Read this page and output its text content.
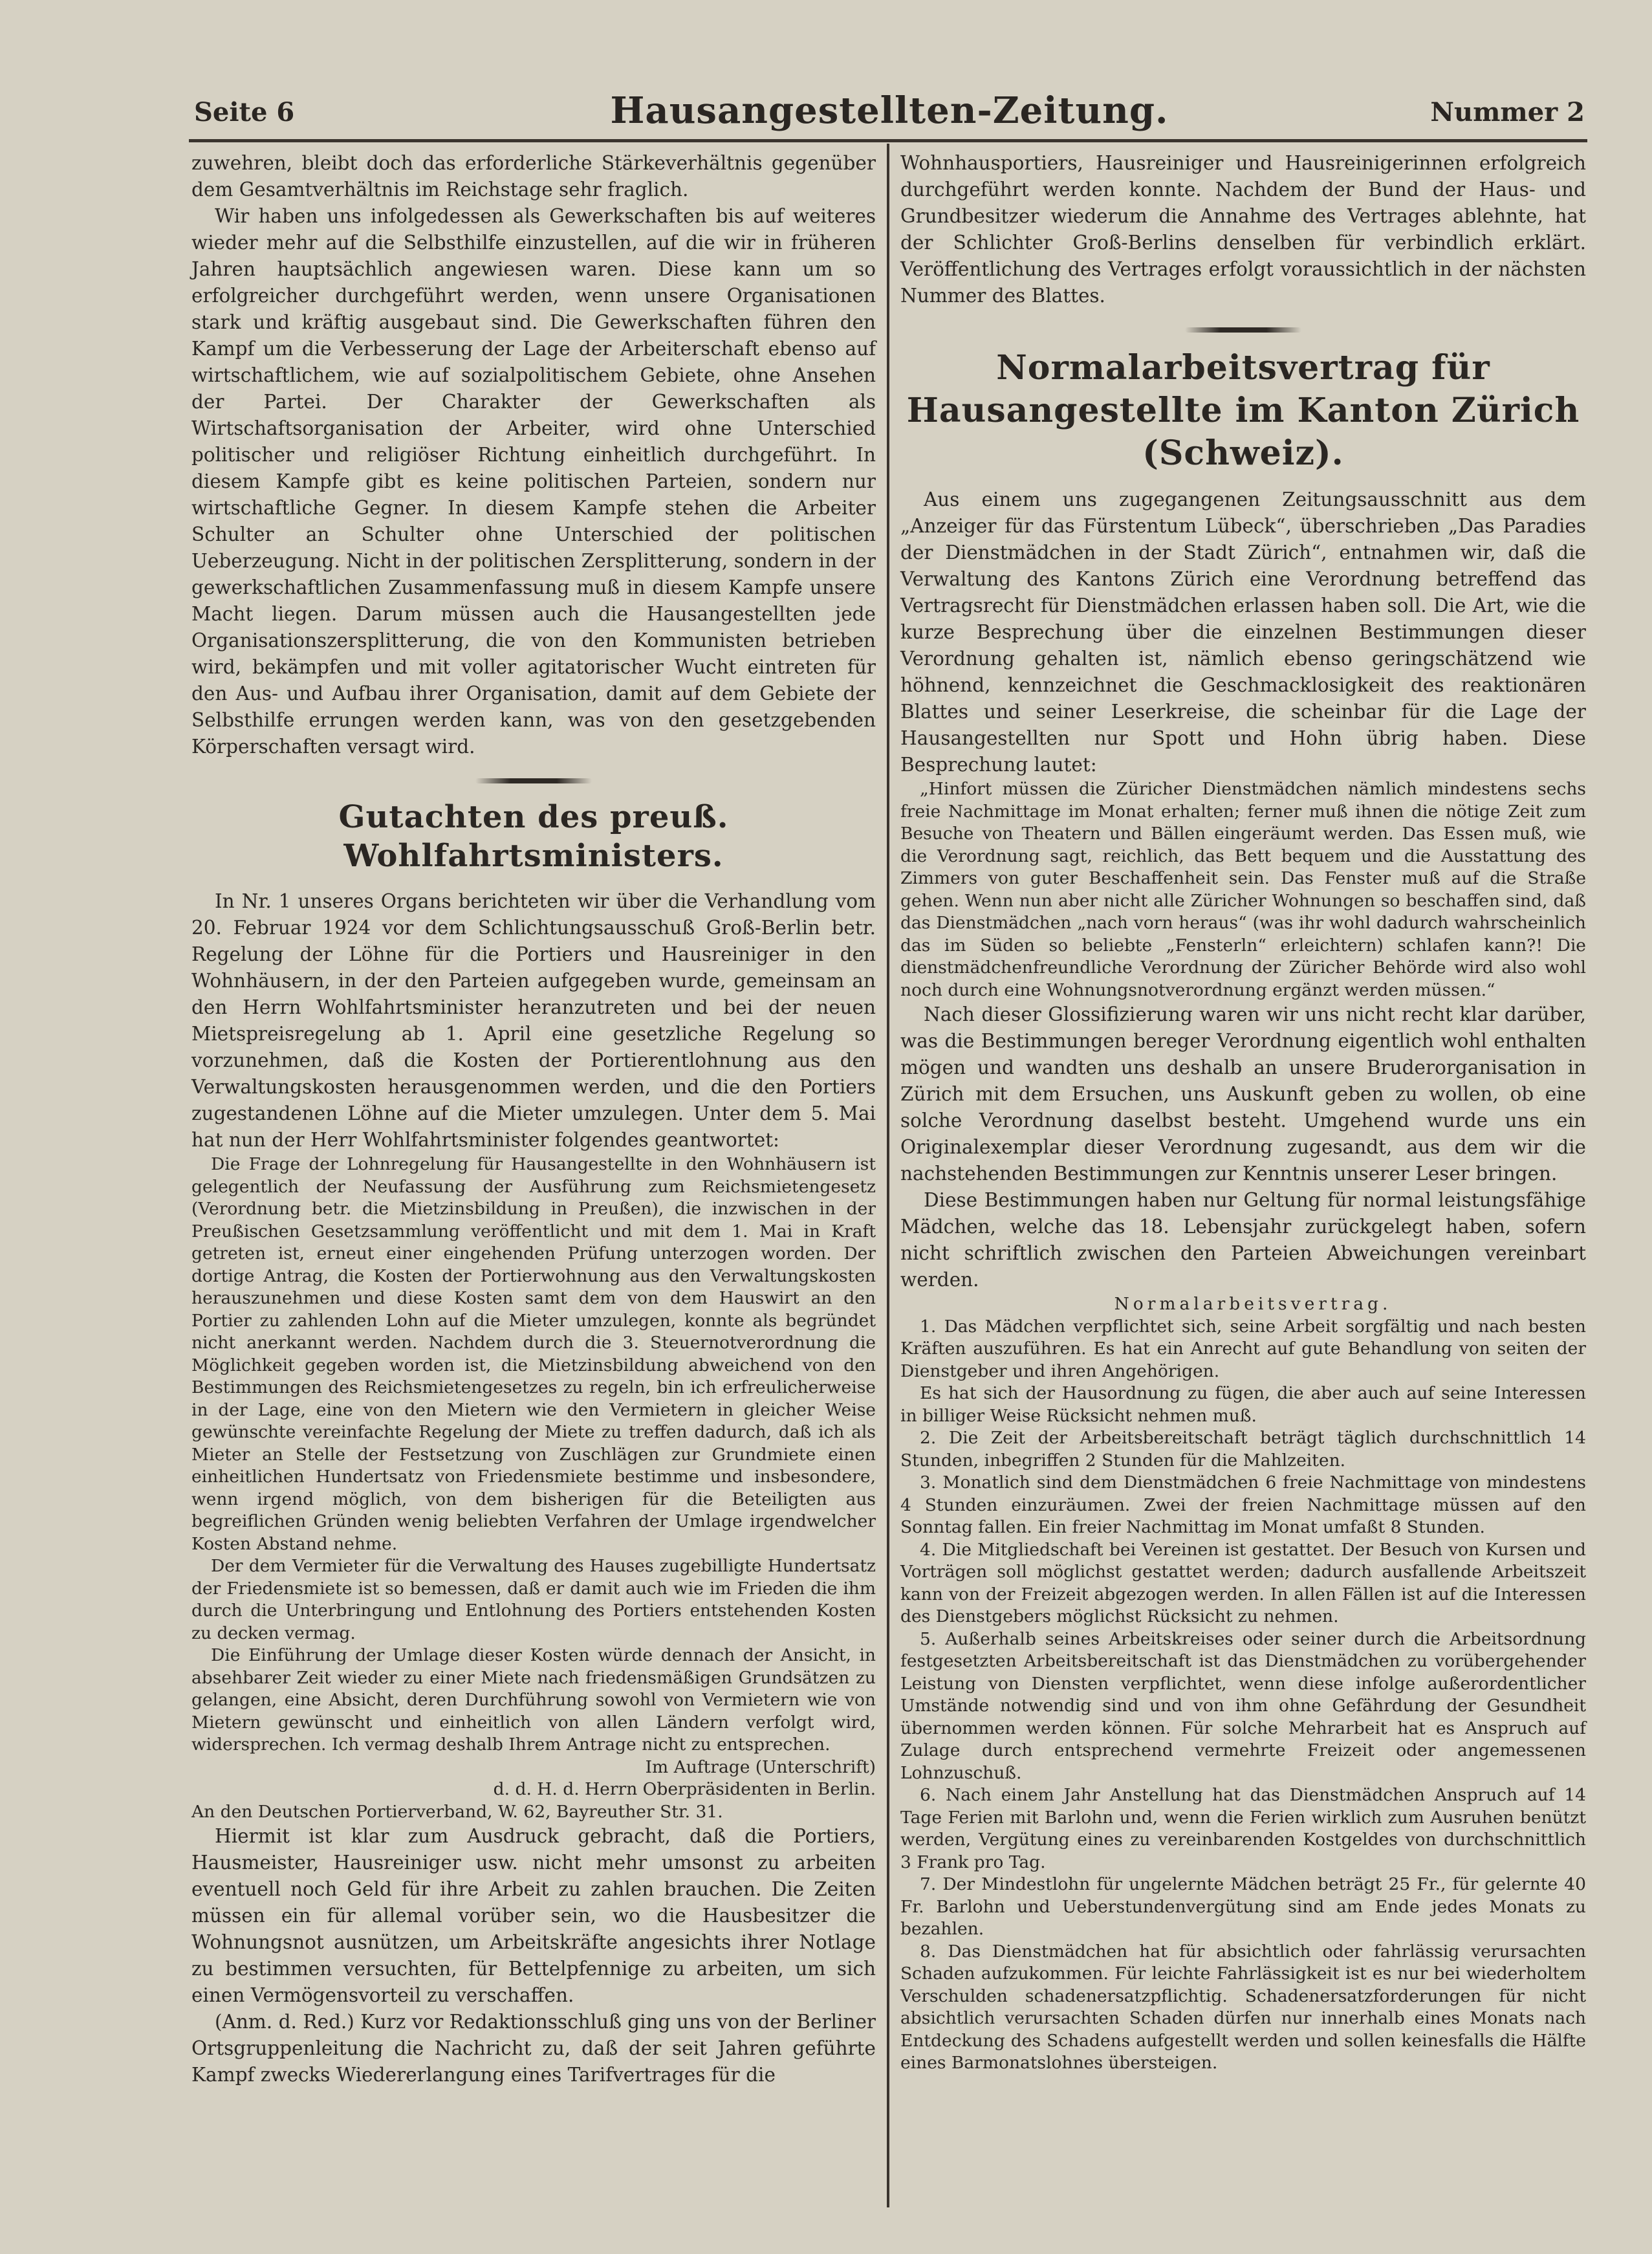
Seite 6	Hausangestellten-Zeitung.	Nummer 2

zuwehren, bleibt doch das erforderliche Stärkeverhältnis gegenüber dem Gesamtverhältnis im Reichstage sehr fraglich.

Wir haben uns infolgedessen als Gewerkschaften bis auf weiteres wieder mehr auf die Selbsthilfe einzustellen, auf die wir in früheren Jahren hauptsächlich angewiesen waren. Diese kann um so erfolgreicher durchgeführt werden, wenn unsere Organisationen stark und kräftig ausgebaut sind. Die Gewerkschaften führen den Kampf um die Verbesserung der Lage der Arbeiterschaft ebenso auf wirtschaftlichem, wie auf sozialpolitischem Gebiete, ohne Ansehen der Partei. Der Charakter der Gewerkschaften als Wirtschaftsorganisation der Arbeiter, wird ohne Unterschied politischer und religiöser Richtung einheitlich durchgeführt. In diesem Kampfe gibt es keine politischen Parteien, sondern nur wirtschaftliche Gegner. In diesem Kampfe stehen die Arbeiter Schulter an Schulter ohne Unterschied der politischen Ueberzeugung. Nicht in der politischen Zersplitterung, sondern in der gewerkschaftlichen Zusammenfassung muß in diesem Kampfe unsere Macht liegen. Darum müssen auch die Hausangestellten jede Organisationszersplitterung, die von den Kommunisten betrieben wird, bekämpfen und mit voller agitatorischer Wucht eintreten für den Aus- und Aufbau ihrer Organisation, damit auf dem Gebiete der Selbsthilfe errungen werden kann, was von den gesetzgebenden Körperschaften versagt wird.

Gutachten des preuß. Wohlfahrtsministers.

In Nr. 1 unseres Organs berichteten wir über die Verhandlung vom 20. Februar 1924 vor dem Schlichtungsausschuß Groß-Berlin betr. Regelung der Löhne für die Portiers und Hausreiniger in den Wohnhäusern, in der den Parteien aufgegeben wurde, gemeinsam an den Herrn Wohlfahrtsminister heranzutreten und bei der neuen Mietspreisregelung ab 1. April eine gesetzliche Regelung so vorzunehmen, daß die Kosten der Portierentlohnung aus den Verwaltungskosten herausgenommen werden, und die den Portiers zugestandenen Löhne auf die Mieter umzulegen. Unter dem 5. Mai hat nun der Herr Wohlfahrtsminister folgendes geantwortet:

Die Frage der Lohnregelung für Hausangestellte in den Wohnhäusern ist gelegentlich der Neufassung der Ausführung zum Reichsmietengesetz (Verordnung betr. die Mietzinsbildung in Preußen), die inzwischen in der Preußischen Gesetzsammlung veröffentlicht und mit dem 1. Mai in Kraft getreten ist, erneut einer eingehenden Prüfung unterzogen worden. Der dortige Antrag, die Kosten der Portierwohnung aus den Verwaltungskosten herauszunehmen und diese Kosten samt dem von dem Hauswirt an den Portier zu zahlenden Lohn auf die Mieter umzulegen, konnte als begründet nicht anerkannt werden. Nachdem durch die 3. Steuernotverordnung die Möglichkeit gegeben worden ist, die Mietzinsbildung abweichend von den Bestimmungen des Reichsmietengesetzes zu regeln, bin ich erfreulicherweise in der Lage, eine von den Mietern wie den Vermietern in gleicher Weise gewünschte vereinfachte Regelung der Miete zu treffen dadurch, daß ich als Mieter an Stelle der Festsetzung von Zuschlägen zur Grundmiete einen einheitlichen Hundertsatz von Friedensmiete bestimme und insbesondere, wenn irgend möglich, von dem bisherigen für die Beteiligten aus begreiflichen Gründen wenig beliebten Verfahren der Umlage irgendwelcher Kosten Abstand nehme.

Der dem Vermieter für die Verwaltung des Hauses zugebilligte Hundertsatz der Friedensmiete ist so bemessen, daß er damit auch wie im Frieden die ihm durch die Unterbringung und Entlohnung des Portiers entstehenden Kosten zu decken vermag.

Die Einführung der Umlage dieser Kosten würde dennach der Ansicht, in absehbarer Zeit wieder zu einer Miete nach friedensmäßigen Grundsätzen zu gelangen, eine Absicht, deren Durchführung sowohl von Vermietern wie von Mietern gewünscht und einheitlich von allen Ländern verfolgt wird, widersprechen. Ich vermag deshalb Ihrem Antrage nicht zu entsprechen.

Im Auftrage (Unterschrift)

d. d. H. d. Herrn Oberpräsidenten in Berlin.

An den Deutschen Portierverband, W. 62, Bayreuther Str. 31.

Hiermit ist klar zum Ausdruck gebracht, daß die Portiers, Hausmeister, Hausreiniger usw. nicht mehr umsonst zu arbeiten eventuell noch Geld für ihre Arbeit zu zahlen brauchen. Die Zeiten müssen ein für allemal vorüber sein, wo die Hausbesitzer die Wohnungsnot ausnützen, um Arbeitskräfte angesichts ihrer Notlage zu bestimmen versuchten, für Bettelpfennige zu arbeiten, um sich einen Vermögensvorteil zu verschaffen.

(Anm. d. Red.) Kurz vor Redaktionsschluß ging uns von der Berliner Ortsgruppenleitung die Nachricht zu, daß der seit Jahren geführte Kampf zwecks Wiedererlangung eines Tarifvertrages für die

Wohnhausportiers, Hausreiniger und Hausreinigerinnen erfolgreich durchgeführt werden konnte. Nachdem der Bund der Haus- und Grundbesitzer wiederum die Annahme des Vertrages ablehnte, hat der Schlichter Groß-Berlins denselben für verbindlich erklärt. Veröffentlichung des Vertrages erfolgt voraussichtlich in der nächsten Nummer des Blattes.

Normalarbeitsvertrag für Hausangestellte im Kanton Zürich (Schweiz).

Aus einem uns zugegangenen Zeitungsausschnitt aus dem „Anzeiger für das Fürstentum Lübeck“, überschrieben „Das Paradies der Dienstmädchen in der Stadt Zürich“, entnahmen wir, daß die Verwaltung des Kantons Zürich eine Verordnung betreffend das Vertragsrecht für Dienstmädchen erlassen haben soll. Die Art, wie die kurze Besprechung über die einzelnen Bestimmungen dieser Verordnung gehalten ist, nämlich ebenso geringschätzend wie höhnend, kennzeichnet die Geschmacklosigkeit des reaktionären Blattes und seiner Leserkreise, die scheinbar für die Lage der Hausangestellten nur Spott und Hohn übrig haben. Diese Besprechung lautet:

„Hinfort müssen die Züricher Dienstmädchen nämlich mindestens sechs freie Nachmittage im Monat erhalten; ferner muß ihnen die nötige Zeit zum Besuche von Theatern und Bällen eingeräumt werden. Das Essen muß, wie die Verordnung sagt, reichlich, das Bett bequem und die Ausstattung des Zimmers von guter Beschaffenheit sein. Das Fenster muß auf die Straße gehen. Wenn nun aber nicht alle Züricher Wohnungen so beschaffen sind, daß das Dienstmädchen „nach vorn heraus“ (was ihr wohl dadurch wahrscheinlich das im Süden so beliebte „Fensterln“ erleichtern) schlafen kann?! Die dienstmädchenfreundliche Verordnung der Züricher Behörde wird also wohl noch durch eine Wohnungsnotverordnung ergänzt werden müssen.“

Nach dieser Glossifizierung waren wir uns nicht recht klar darüber, was die Bestimmungen bereger Verordnung eigentlich wohl enthalten mögen und wandten uns deshalb an unsere Bruderorganisation in Zürich mit dem Ersuchen, uns Auskunft geben zu wollen, ob eine solche Verordnung daselbst besteht. Umgehend wurde uns ein Originalexemplar dieser Verordnung zugesandt, aus dem wir die nachstehenden Bestimmungen zur Kenntnis unserer Leser bringen.

Diese Bestimmungen haben nur Geltung für normal leistungsfähige Mädchen, welche das 18. Lebensjahr zurückgelegt haben, sofern nicht schriftlich zwischen den Parteien Abweichungen vereinbart werden.

Normalarbeitsvertrag.

1. Das Mädchen verpflichtet sich, seine Arbeit sorgfältig und nach besten Kräften auszuführen. Es hat ein Anrecht auf gute Behandlung von seiten der Dienstgeber und ihren Angehörigen.

Es hat sich der Hausordnung zu fügen, die aber auch auf seine Interessen in billiger Weise Rücksicht nehmen muß.

2. Die Zeit der Arbeitsbereitschaft beträgt täglich durchschnittlich 14 Stunden, inbegriffen 2 Stunden für die Mahlzeiten.

3. Monatlich sind dem Dienstmädchen 6 freie Nachmittage von mindestens 4 Stunden einzuräumen. Zwei der freien Nachmittage müssen auf den Sonntag fallen. Ein freier Nachmittag im Monat umfaßt 8 Stunden.

4. Die Mitgliedschaft bei Vereinen ist gestattet. Der Besuch von Kursen und Vorträgen soll möglichst gestattet werden; dadurch ausfallende Arbeitszeit kann von der Freizeit abgezogen werden. In allen Fällen ist auf die Interessen des Dienstgebers möglichst Rücksicht zu nehmen.

5. Außerhalb seines Arbeitskreises oder seiner durch die Arbeitsordnung festgesetzten Arbeitsbereitschaft ist das Dienstmädchen zu vorübergehender Leistung von Diensten verpflichtet, wenn diese infolge außerordentlicher Umstände notwendig sind und von ihm ohne Gefährdung der Gesundheit übernommen werden können. Für solche Mehrarbeit hat es Anspruch auf Zulage durch entsprechend vermehrte Freizeit oder angemessenen Lohnzuschuß.

6. Nach einem Jahr Anstellung hat das Dienstmädchen Anspruch auf 14 Tage Ferien mit Barlohn und, wenn die Ferien wirklich zum Ausruhen benützt werden, Vergütung eines zu vereinbarenden Kostgeldes von durchschnittlich 3 Frank pro Tag.

7. Der Mindestlohn für ungelernte Mädchen beträgt 25 Fr., für gelernte 40 Fr. Barlohn und Ueberstundenvergütung sind am Ende jedes Monats zu bezahlen.

8. Das Dienstmädchen hat für absichtlich oder fahrlässig verursachten Schaden aufzukommen. Für leichte Fahrlässigkeit ist es nur bei wiederholtem Verschulden schadenersatzpflichtig. Schadenersatzforderungen für nicht absichtlich verursachten Schaden dürfen nur innerhalb eines Monats nach Entdeckung des Schadens aufgestellt werden und sollen keinesfalls die Hälfte eines Barmonatslohnes übersteigen.
